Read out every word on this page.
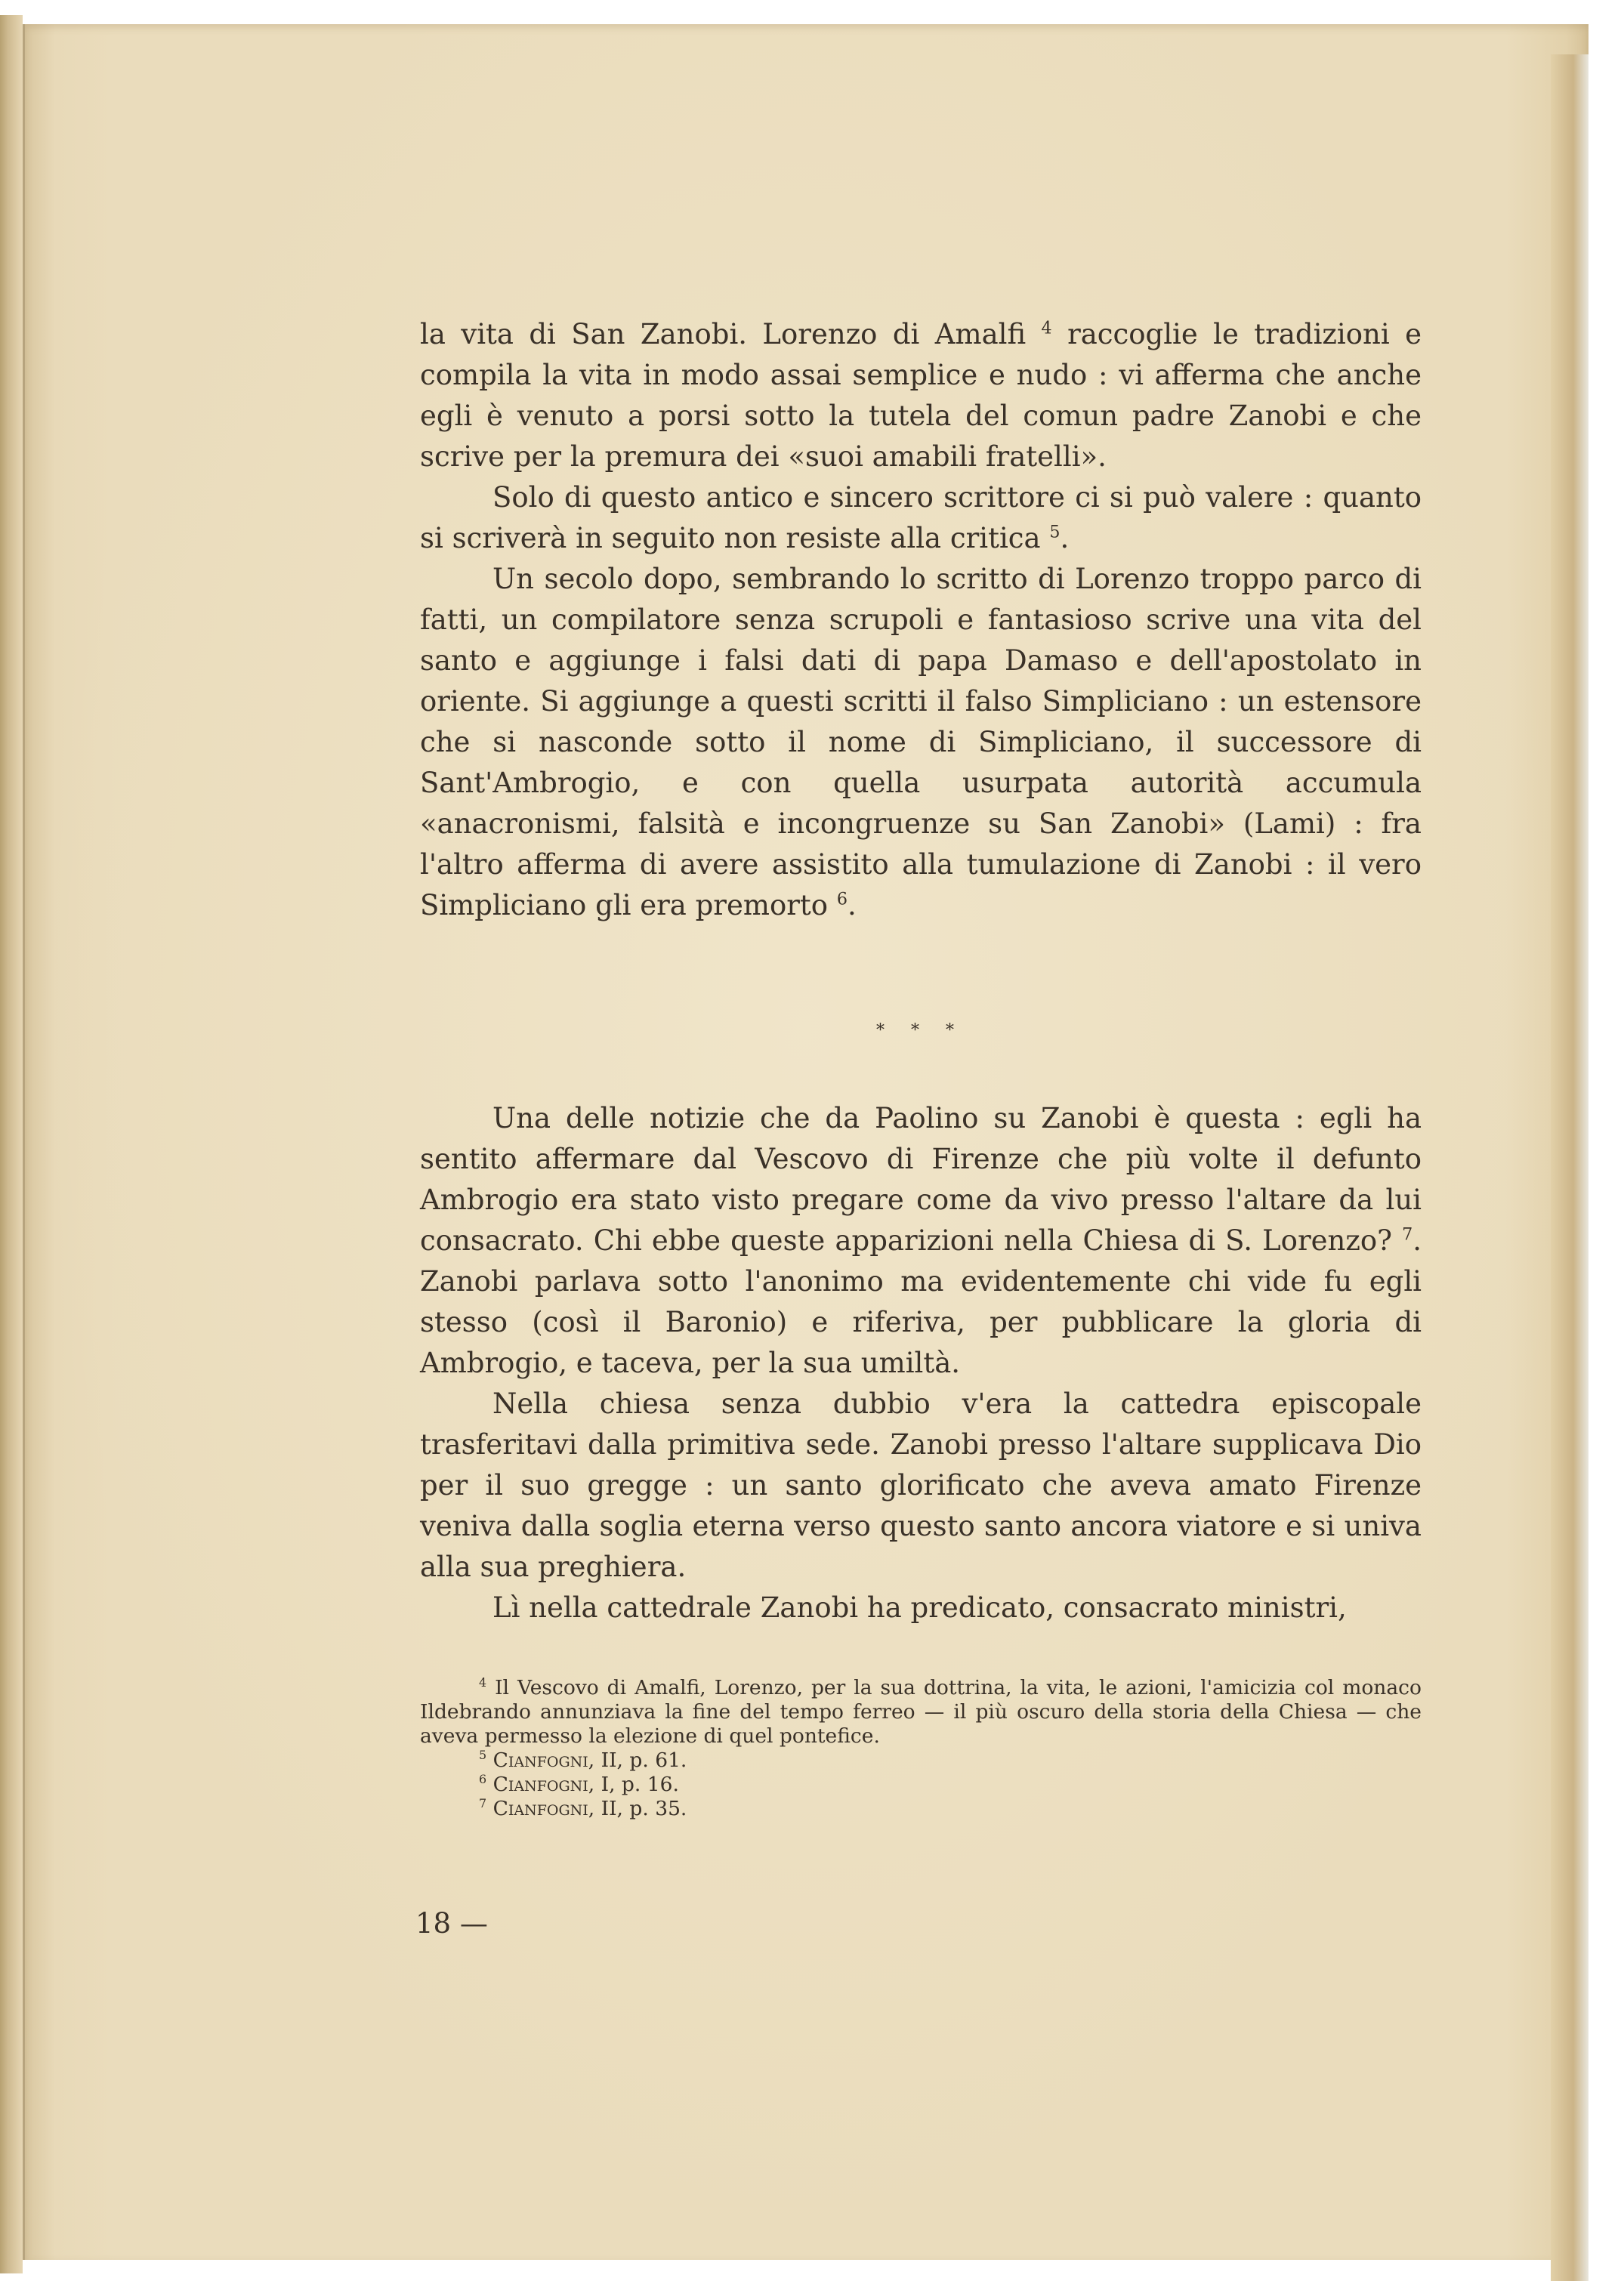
la vita di San Zanobi. Lorenzo di Amalfi $^4$ raccoglie le tradizioni e compila la vita in modo assai semplice e nudo : vi afferma che anche egli è venuto a porsi sotto la tutela del comun padre Zanobi e che scrive per la premura dei «suoi amabili fratelli».

Solo di questo antico e sincero scrittore ci si può valere : quanto si scriverà in seguito non resiste alla critica $^5$.

Un secolo dopo, sembrando lo scritto di Lorenzo troppo parco di fatti, un compilatore senza scrupoli e fantasioso scrive una vita del santo e aggiunge i falsi dati di papa Damaso e dell'apostolato in oriente. Si aggiunge a questi scritti il falso Simpliciano : un estensore che si nasconde sotto il nome di Simpliciano, il successore di Sant'Ambrogio, e con quella usurpata autorità accumula «anacronismi, falsità e incongruenze su San Zanobi» (Lami) : fra l'altro afferma di avere assistito alla tumulazione di Zanobi : il vero Simpliciano gli era premorto $^6$.

* * *

Una delle notizie che da Paolino su Zanobi è questa : egli ha sentito affermare dal Vescovo di Firenze che più volte il defunto Ambrogio era stato visto pregare come da vivo presso l'altare da lui consacrato. Chi ebbe queste apparizioni nella Chiesa di S. Lorenzo? $^7$. Zanobi parlava sotto l'anonimo ma evidentemente chi vide fu egli stesso (così il Baronio) e riferiva, per pubblicare la gloria di Ambrogio, e taceva, per la sua umiltà.

Nella chiesa senza dubbio v'era la cattedra episcopale trasferitavi dalla primitiva sede. Zanobi presso l'altare supplicava Dio per il suo gregge : un santo glorificato che aveva amato Firenze veniva dalla soglia eterna verso questo santo ancora viatore e si univa alla sua preghiera.

Lì nella cattedrale Zanobi ha predicato, consacrato ministri,

$^4$ Il Vescovo di Amalfi, Lorenzo, per la sua dottrina, la vita, le azioni, l'amicizia col monaco Ildebrando annunziava la fine del tempo ferreo — il più oscuro della storia della Chiesa — che aveva permesso la elezione di quel pontefice.

$^5$ Cianfogni, II, p. 61.

$^6$ Cianfogni, I, p. 16.

$^7$ Cianfogni, II, p. 35.

18 —
